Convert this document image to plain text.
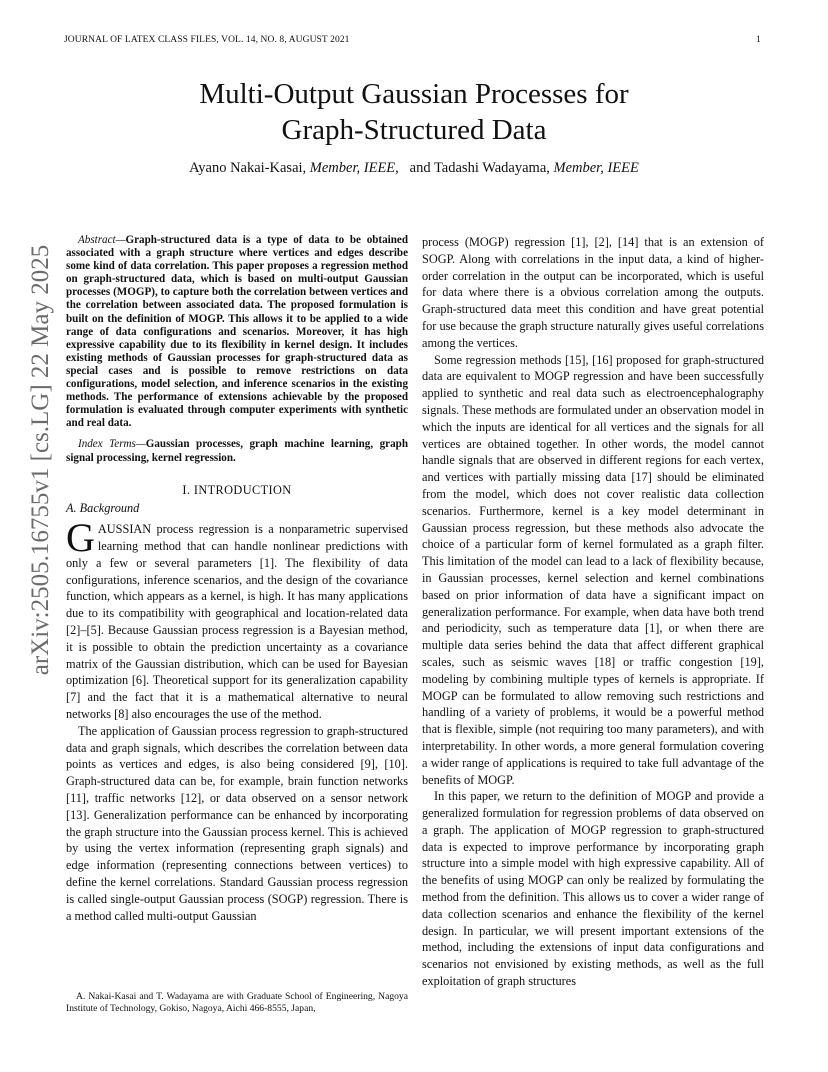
JOURNAL OF LATEX CLASS FILES, VOL. 14, NO. 8, AUGUST 2021	1
Multi-Output Gaussian Processes for
Graph-Structured Data
Ayano Nakai-Kasai, Member, IEEE, and Tadashi Wadayama, Member, IEEE
arXiv:2505.16755v1 [cs.LG] 22 May 2025

Abstract—Graph-structured data is a type of data to be obtained associated with a graph structure where vertices and edges describe some kind of data correlation. This paper proposes a regression method on graph-structured data, which is based on multi-output Gaussian processes (MOGP), to capture both the correlation between vertices and the correlation between associated data. The proposed formulation is built on the definition of MOGP. This allows it to be applied to a wide range of data configurations and scenarios. Moreover, it has high expressive capability due to its flexibility in kernel design. It includes existing methods of Gaussian processes for graph-structured data as special cases and is possible to remove restrictions on data configurations, model selection, and inference scenarios in the existing methods. The performance of extensions achievable by the proposed formulation is evaluated through computer experiments with synthetic and real data.

Index Terms—Gaussian processes, graph machine learning, graph signal processing, kernel regression.

I. INTRODUCTION

A. Background

GAUSSIAN process regression is a nonparametric supervised learning method that can handle nonlinear predictions with only a few or several parameters [1]. The flexibility of data configurations, inference scenarios, and the design of the covariance function, which appears as a kernel, is high. It has many applications due to its compatibility with geographical and location-related data [2]–[5]. Because Gaussian process regression is a Bayesian method, it is possible to obtain the prediction uncertainty as a covariance matrix of the Gaussian distribution, which can be used for Bayesian optimization [6]. Theoretical support for its generalization capability [7] and the fact that it is a mathematical alternative to neural networks [8] also encourages the use of the method.

The application of Gaussian process regression to graph-structured data and graph signals, which describes the correlation between data points as vertices and edges, is also being considered [9], [10]. Graph-structured data can be, for example, brain function networks [11], traffic networks [12], or data observed on a sensor network [13]. Generalization performance can be enhanced by incorporating the graph structure into the Gaussian process kernel. This is achieved by using the vertex information (representing graph signals) and edge information (representing connections between vertices) to define the kernel correlations. Standard Gaussian process regression is called single-output Gaussian process (SOGP) regression. There is a method called multi-output Gaussian

A. Nakai-Kasai and T. Wadayama are with Graduate School of Engineering, Nagoya Institute of Technology, Gokiso, Nagoya, Aichi 466-8555, Japan,

process (MOGP) regression [1], [2], [14] that is an extension of SOGP. Along with correlations in the input data, a kind of higher-order correlation in the output can be incorporated, which is useful for data where there is a obvious correlation among the outputs. Graph-structured data meet this condition and have great potential for use because the graph structure naturally gives useful correlations among the vertices.

Some regression methods [15], [16] proposed for graph-structured data are equivalent to MOGP regression and have been successfully applied to synthetic and real data such as electroencephalography signals. These methods are formulated under an observation model in which the inputs are identical for all vertices and the signals for all vertices are obtained together. In other words, the model cannot handle signals that are observed in different regions for each vertex, and vertices with partially missing data [17] should be eliminated from the model, which does not cover realistic data collection scenarios. Furthermore, kernel is a key model determinant in Gaussian process regression, but these methods also advocate the choice of a particular form of kernel formulated as a graph filter. This limitation of the model can lead to a lack of flexibility because, in Gaussian processes, kernel selection and kernel combinations based on prior information of data have a significant impact on generalization performance. For example, when data have both trend and periodicity, such as temperature data [1], or when there are multiple data series behind the data that affect different graphical scales, such as seismic waves [18] or traffic congestion [19], modeling by combining multiple types of kernels is appropriate. If MOGP can be formulated to allow removing such restrictions and handling of a variety of problems, it would be a powerful method that is flexible, simple (not requiring too many parameters), and with interpretability. In other words, a more general formulation covering a wider range of applications is required to take full advantage of the benefits of MOGP.

In this paper, we return to the definition of MOGP and provide a generalized formulation for regression problems of data observed on a graph. The application of MOGP regression to graph-structured data is expected to improve performance by incorporating graph structure into a simple model with high expressive capability. All of the benefits of using MOGP can only be realized by formulating the method from the definition. This allows us to cover a wider range of data collection scenarios and enhance the flexibility of the kernel design. In particular, we will present important extensions of the method, including the extensions of input data configurations and scenarios not envisioned by existing methods, as well as the full exploitation of graph structures
